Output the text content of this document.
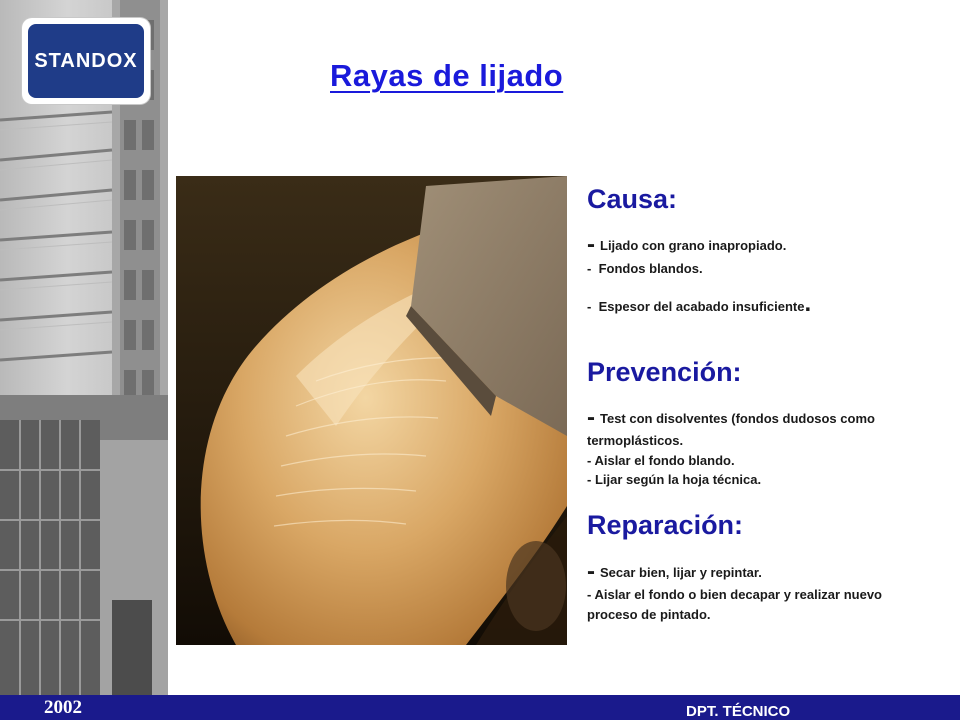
STANDOX	Rayas de lijado
Causa:
- Lijado con grano inapropiado.
- Fondos blandos.
- Espesor del acabado insuficiente.
Prevención:
- Test con disolventes (fondos dudosos como
termoplásticos.
- Aislar el fondo blando.
- Lijar según la hoja técnica.
Reparación:
- Secar bien, lijar y repintar.
- Aislar el fondo o bien decapar y realizar nuevo
proceso de pintado.
2002	DPT. TÉCNICO
